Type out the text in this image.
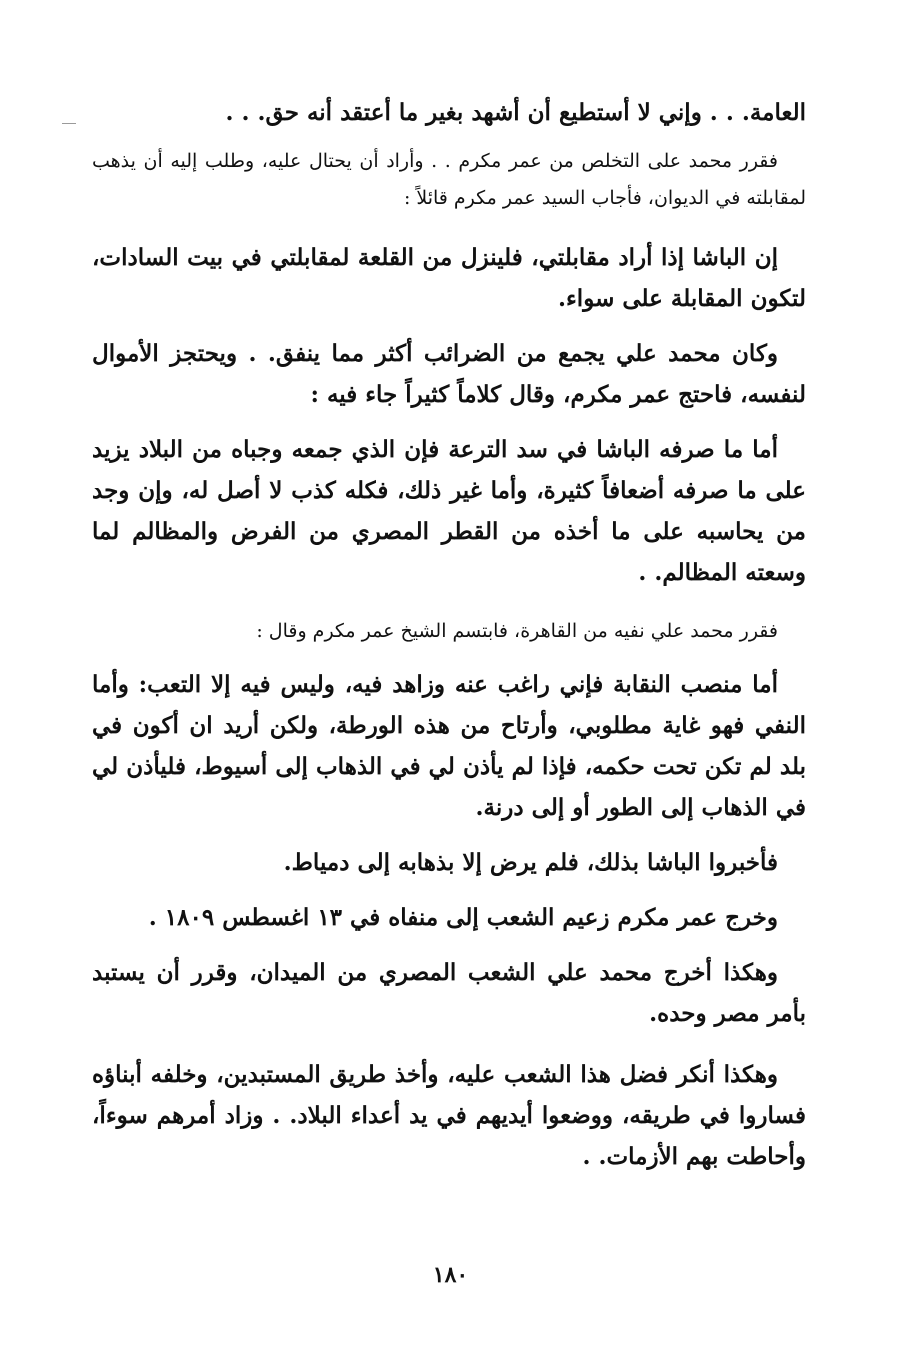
العامة. . . وإني لا أستطيع أن أشهد بغير ما أعتقد أنه حق. . .

فقرر محمد على التخلص من عمر مكرم . . وأراد أن يحتال عليه، وطلب إليه أن يذهب لمقابلته في الديوان، فأجاب السيد عمر مكرم قائلاً :

إن الباشا إذا أراد مقابلتي، فلينزل من القلعة لمقابلتي في بيت السادات، لتكون المقابلة على سواء.

وكان محمد علي يجمع من الضرائب أكثر مما ينفق. . ويحتجز الأموال لنفسه، فاحتج عمر مكرم، وقال كلاماً كثيراً جاء فيه :

أما ما صرفه الباشا في سد الترعة فإن الذي جمعه وجباه من البلاد يزيد على ما صرفه أضعافاً كثيرة، وأما غير ذلك، فكله كذب لا أصل له، وإن وجد من يحاسبه على ما أخذه من القطر المصري من الفرض والمظالم لما وسعته المظالم. .

فقرر محمد علي نفيه من القاهرة، فابتسم الشيخ عمر مكرم وقال :

أما منصب النقابة فإني راغب عنه وزاهد فيه، وليس فيه إلا التعب: وأما النفي فهو غاية مطلوبي، وأرتاح من هذه الورطة، ولكن أريد ان أكون في بلد لم تكن تحت حكمه، فإذا لم يأذن لي في الذهاب إلى أسيوط، فليأذن لي في الذهاب إلى الطور أو إلى درنة.

فأخبروا الباشا بذلك، فلم يرض إلا بذهابه إلى دمياط.

وخرج عمر مكرم زعيم الشعب إلى منفاه في ١٣ اغسطس ١٨٠٩ .

وهكذا أخرج محمد علي الشعب المصري من الميدان، وقرر أن يستبد بأمر مصر وحده.

وهكذا أنكر فضل هذا الشعب عليه، وأخذ طريق المستبدين، وخلفه أبناؤه فساروا في طريقه، ووضعوا أيديهم في يد أعداء البلاد. . وزاد أمرهم سوءاً، وأحاطت بهم الأزمات. .

١٨٠
